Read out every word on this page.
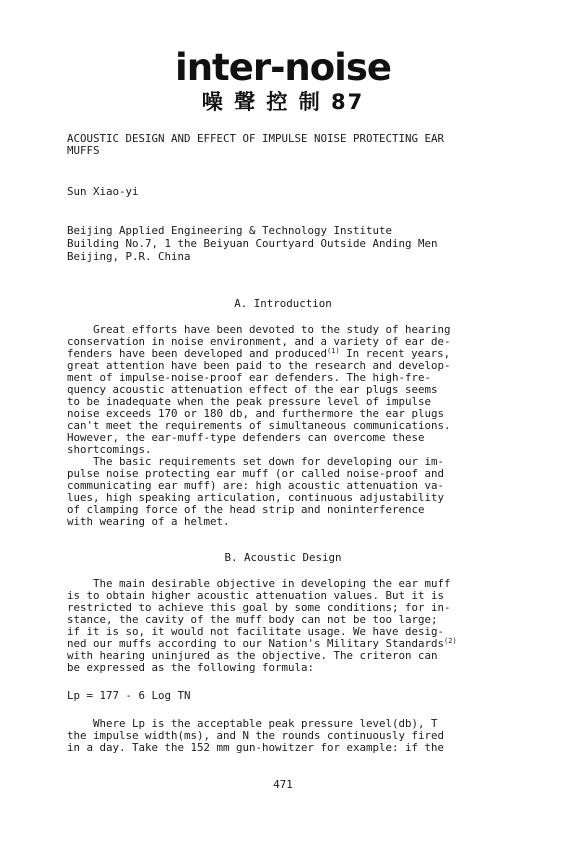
inter-noise
噪 聲 控 制 87
ACOUSTIC DESIGN AND EFFECT OF IMPULSE NOISE PROTECTING EAR
MUFFS
Sun Xiao-yi
Beijing Applied Engineering & Technology Institute
Building No.7, 1 the Beiyuan Courtyard Outside Anding Men
Beijing, P.R. China
A. Introduction
Great efforts have been devoted to the study of hearing
conservation in noise environment, and a variety of ear de-
fenders have been developed and produced$^{(1)}$ In recent years,
great attention have been paid to the research and develop-
ment of impulse-noise-proof ear defenders. The high-fre-
quency acoustic attenuation effect of the ear plugs seems
to be inadequate when the peak pressure level of impulse
noise exceeds 170 or 180 db, and furthermore the ear plugs
can't meet the requirements of simultaneous communications.
However, the ear-muff-type defenders can overcome these
shortcomings.
The basic requirements set down for developing our im-
pulse noise protecting ear muff (or called noise-proof and
communicating ear muff) are: high acoustic attenuation va-
lues, high speaking articulation, continuous adjustability
of clamping force of the head strip and noninterference
with wearing of a helmet.
B. Acoustic Design
The main desirable objective in developing the ear muff
is to obtain higher acoustic attenuation values. But it is
restricted to achieve this goal by some conditions; for in-
stance, the cavity of the muff body can not be too large;
if it is so, it would not facilitate usage. We have desig-
ned our muffs according to our Nation's Military Standards$^{(2)}$
with hearing uninjured as the objective. The criteron can
be expressed as the following formula:
Lp = 177 - 6 Log TN
Where Lp is the acceptable peak pressure level(db), T
the impulse width(ms), and N the rounds continuously fired
in a day. Take the 152 mm gun-howitzer for example: if the
471
